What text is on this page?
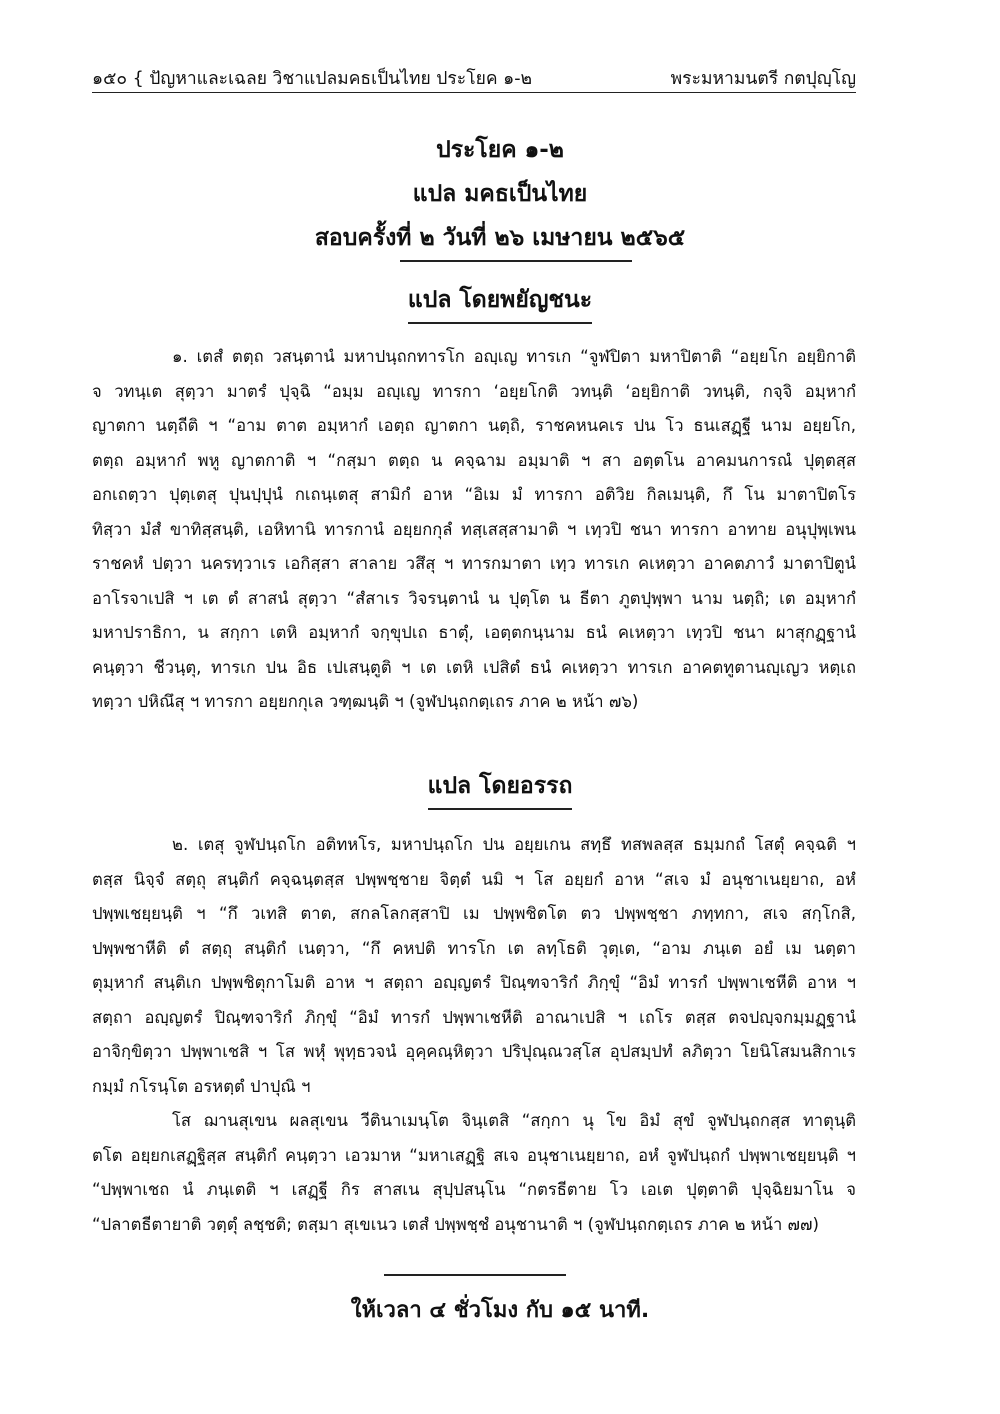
๑๕๐ { ปัญหาและเฉลย วิชาแปลมคธเป็นไทย ประโยค ๑-๒	พระมหามนตรี กตปุญฺโญ
ประโยค ๑-๒
แปล มคธเป็นไทย
สอบครั้งที่ ๒ วันที่ ๒๖ เมษายน ๒๕๖๕
แปล โดยพยัญชนะ
๑. เตสํ ตตฺถ วสนฺตานํ มหาปนฺถกทารโก อญฺเญ ทารเก “จูฬปิตา มหาปิตาติ “อยฺยโก อยฺยิกาติ
จ วทนฺเต สุตฺวา มาตรํ ปุจฺฉิ “อมฺม อญฺเญ ทารกา ‘อยฺยโกติ วทนฺติ ‘อยฺยิกาติ วทนฺติ, กจฺจิ อมฺหากํ
ญาตกา นตฺถีติ ฯ “อาม ตาต อมฺหากํ เอตฺถ ญาตกา นตฺถิ, ราชคหนคเร ปน โว ธนเสฏฺฐี นาม อยฺยโก,
ตตฺถ อมฺหากํ พหู ญาตกาติ ฯ “กสฺมา ตตฺถ น คจฺฉาม อมฺมาติ ฯ สา อตฺตโน อาคมนการณํ ปุตฺตสฺส
อกเถตฺวา ปุตฺเตสุ ปุนปฺปุนํ กเถนฺเตสุ สามิกํ อาห “อิเม มํ ทารกา อติวิย กิลเมนฺติ, กึ โน มาตาปิตโร
ทิสฺวา มํสํ ขาทิสฺสนฺติ, เอหิทานิ ทารกานํ อยฺยกกุลํ ทสฺเสสฺสามาติ ฯ เทฺวปิ ชนา ทารกา อาทาย อนุปุพฺเพน
ราชคหํ ปตฺวา นครทฺวาเร เอกิสฺสา สาลาย วสึสุ ฯ ทารกมาตา เทฺว ทารเก คเหตฺวา อาคตภาวํ มาตาปิตูนํ
อาโรจาเปสิ ฯ เต ตํ สาสนํ สุตฺวา “สํสาเร วิจรนฺตานํ น ปุตฺโต น ธีตา ภูตปุพฺพา นาม นตฺถิ; เต อมฺหากํ
มหาปราธิกา, น สกฺกา เตหิ อมฺหากํ จกฺขุปเถ ธาตุํ, เอตฺตกนฺนาม ธนํ คเหตฺวา เทฺวปิ ชนา ผาสุกฏฺฐานํ
คนฺตฺวา ชีวนฺตุ, ทารเก ปน อิธ เปเสนฺตูติ ฯ เต เตหิ เปสิตํ ธนํ คเหตฺวา ทารเก อาคตทูตานญฺเญว หตฺเถ
ทตฺวา ปหิณึสุ ฯ ทารกา อยฺยกกุเล วฑฺฒนฺติ ฯ (จูฬปนฺถกตฺเถร ภาค ๒ หน้า ๗๖)
แปล โดยอรรถ
๒. เตสุ จูฬปนฺถโก อติทหโร, มหาปนฺถโก ปน อยฺยเกน สทฺธึ ทสพลสฺส ธมฺมกถํ โสตุํ คจฺฉติ ฯ
ตสฺส นิจฺจํ สตฺถุ สนฺติกํ คจฺฉนฺตสฺส ปพฺพชฺชาย จิตฺตํ นมิ ฯ โส อยฺยกํ อาห “สเจ มํ อนุชาเนยฺยาถ, อหํ
ปพฺพเชยฺยนฺติ ฯ “กึ วเทสิ ตาต, สกลโลกสฺสาปิ เม ปพฺพชิตโต ตว ปพฺพชฺชา ภทฺทกา, สเจ สกฺโกสิ,
ปพฺพชาหีติ ตํ สตฺถุ สนฺติกํ เนตฺวา, “กึ คหปติ ทารโก เต ลทฺโธติ วุตฺเต, “อาม ภนฺเต อยํ เม นตฺตา
ตุมฺหากํ สนฺติเก ปพฺพชิตุกาโมติ อาห ฯ สตฺถา อญฺญตรํ ปิณฺฑจาริกํ ภิกฺขุํ “อิมํ ทารกํ ปพฺพาเชหีติ อาห ฯ
สตฺถา อญฺญตรํ ปิณฺฑจาริกํ ภิกฺขุํ “อิมํ ทารกํ ปพฺพาเชหีติ อาณาเปสิ ฯ เถโร ตสฺส ตจปญฺจกมฺมฏฺฐานํ
อาจิกฺขิตฺวา ปพฺพาเชสิ ฯ โส พหุํ พุทฺธวจนํ อุคฺคณฺหิตฺวา ปริปุณฺณวสฺโส อุปสมฺปทํ ลภิตฺวา โยนิโสมนสิกาเร
กมฺมํ กโรนฺโต อรหตฺตํ ปาปุณิ ฯ
โส ฌานสุเขน ผลสุเขน วีตินาเมนฺโต จินฺเตสิ “สกฺกา นุ โข อิมํ สุขํ จูฬปนฺถกสฺส ทาตุนฺติ
ตโต อยฺยกเสฏฺฐิสฺส สนฺติกํ คนฺตฺวา เอวมาห “มหาเสฏฺฐิ สเจ อนุชาเนยฺยาถ, อหํ จูฬปนฺถกํ ปพฺพาเชยฺยนฺติ ฯ
“ปพฺพาเชถ นํ ภนฺเตติ ฯ เสฏฺฐี กิร สาสเน สุปฺปสนฺโน “กตรธีตาย โว เอเต ปุตฺตาติ ปุจฺฉิยมาโน จ
“ปลาตธีตายาติ วตฺตุํ ลชฺชติ; ตสฺมา สุเขเนว เตสํ ปพฺพชฺชํ อนุชานาติ ฯ (จูฬปนฺถกตฺเถร ภาค ๒ หน้า ๗๗)
ให้เวลา ๔ ชั่วโมง กับ ๑๕ นาที.
